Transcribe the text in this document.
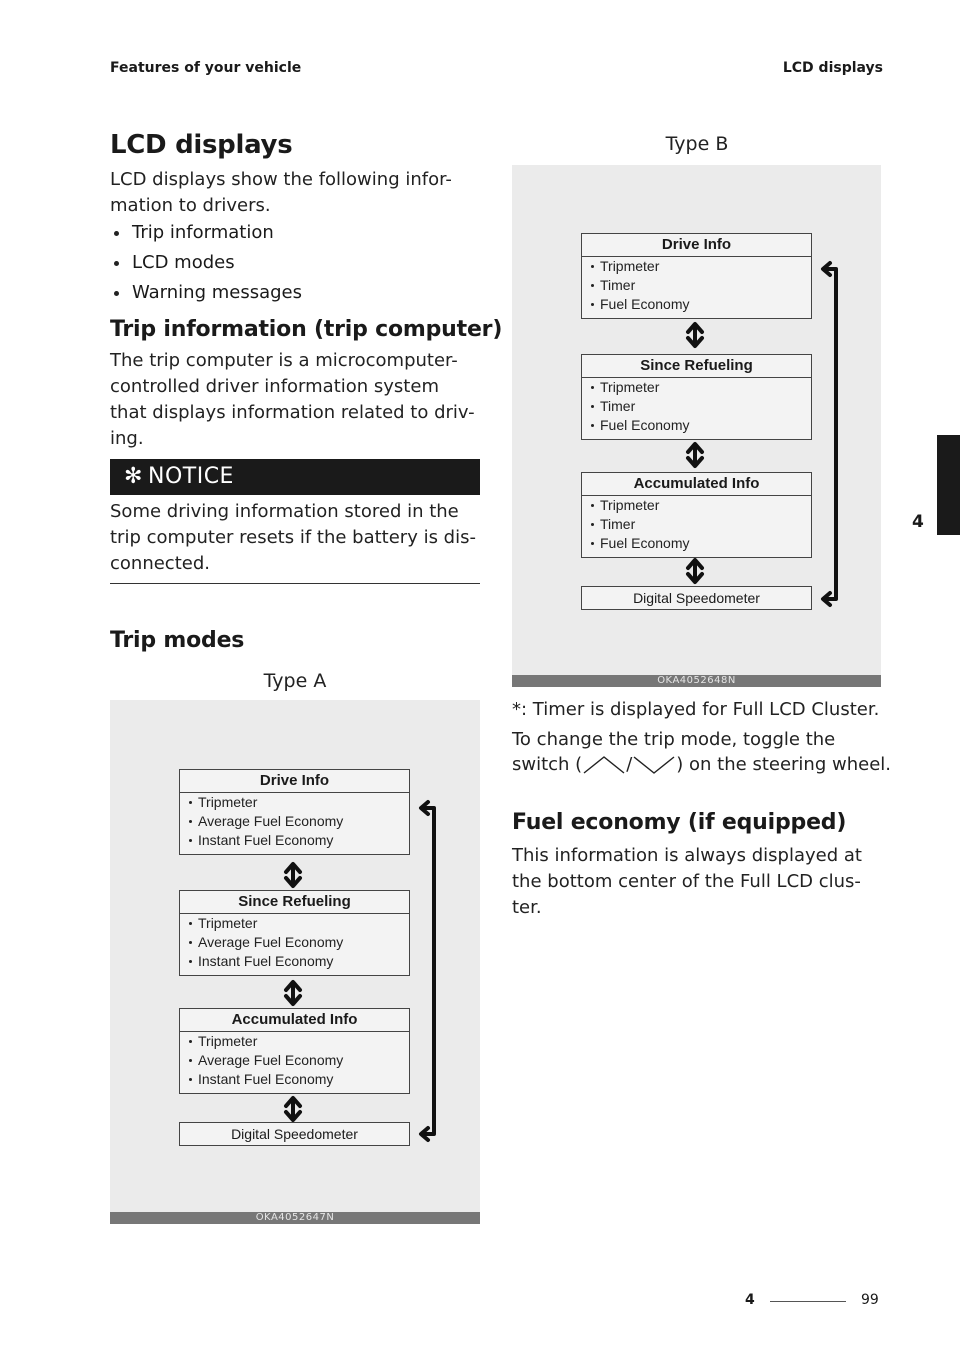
Features of your vehicle	LCD displays
LCD displays
LCD displays show the following infor-
mation to drivers.
Trip information
LCD modes
Warning messages
Trip information (trip computer)
The trip computer is a microcomputer-
controlled driver information system
that displays information related to driv-
ing.
✻ NOTICE
Some driving information stored in the
trip computer resets if the battery is dis-
connected.
Trip modes
Type A
Drive Info
Tripmeter
Average Fuel Economy
Instant Fuel Economy
Since Refueling
Tripmeter
Average Fuel Economy
Instant Fuel Economy
Accumulated Info
Tripmeter
Average Fuel Economy
Instant Fuel Economy
Digital Speedometer
OKA4052647N
Type B
Drive Info
Tripmeter
Timer
Fuel Economy
Since Refueling
Tripmeter
Timer
Fuel Economy
Accumulated Info
Tripmeter
Timer
Fuel Economy
Digital Speedometer
OKA4052648N
*: Timer is displayed for Full LCD Cluster.
To change the trip mode, toggle the
switch ( / ) on the steering wheel.
Fuel economy (if equipped)
This information is always displayed at
the bottom center of the Full LCD clus-
ter.
4
4	99
